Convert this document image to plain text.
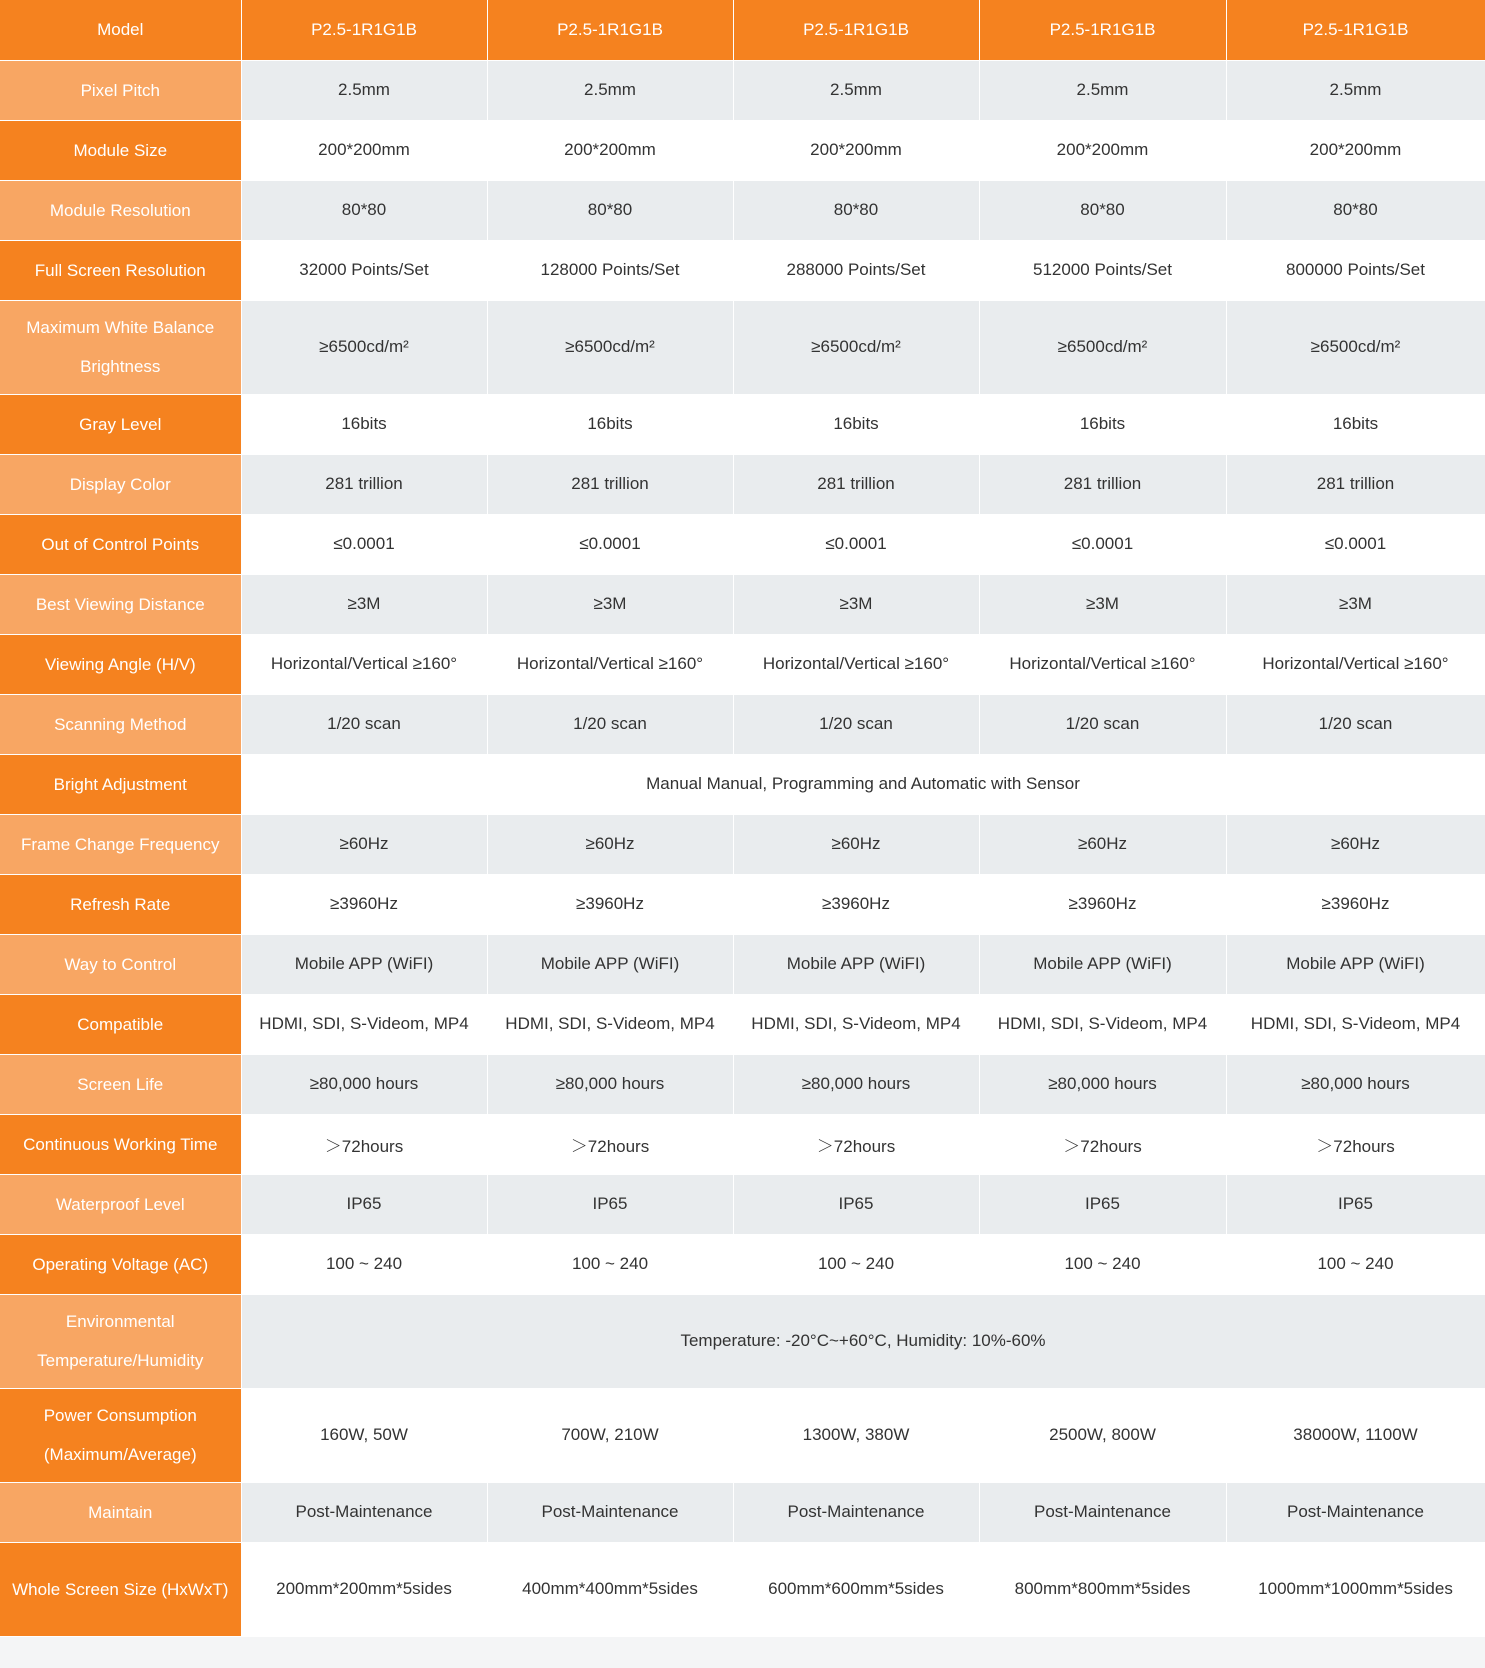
Model	P2.5-1R1G1B	P2.5-1R1G1B	P2.5-1R1G1B	P2.5-1R1G1B	P2.5-1R1G1B
Pixel Pitch	2.5mm	2.5mm	2.5mm	2.5mm	2.5mm
Module Size	200*200mm	200*200mm	200*200mm	200*200mm	200*200mm
Module Resolution	80*80	80*80	80*80	80*80	80*80
Full Screen Resolution	32000 Points/Set	128000 Points/Set	288000 Points/Set	512000 Points/Set	800000 Points/Set
Maximum White Balance Brightness	≥6500cd/m²	≥6500cd/m²	≥6500cd/m²	≥6500cd/m²	≥6500cd/m²
Gray Level	16bits	16bits	16bits	16bits	16bits
Display Color	281 trillion	281 trillion	281 trillion	281 trillion	281 trillion
Out of Control Points	≤0.0001	≤0.0001	≤0.0001	≤0.0001	≤0.0001
Best Viewing Distance	≥3M	≥3M	≥3M	≥3M	≥3M
Viewing Angle (H/V)	Horizontal/Vertical ≥160°	Horizontal/Vertical ≥160°	Horizontal/Vertical ≥160°	Horizontal/Vertical ≥160°	Horizontal/Vertical ≥160°
Scanning Method	1/20 scan	1/20 scan	1/20 scan	1/20 scan	1/20 scan
Bright Adjustment	Manual Manual, Programming and Automatic with Sensor				
Frame Change Frequency	≥60Hz	≥60Hz	≥60Hz	≥60Hz	≥60Hz
Refresh Rate	≥3960Hz	≥3960Hz	≥3960Hz	≥3960Hz	≥3960Hz
Way to Control	Mobile APP (WiFI)	Mobile APP (WiFI)	Mobile APP (WiFI)	Mobile APP (WiFI)	Mobile APP (WiFI)
Compatible	HDMI, SDI, S-Videom, MP4	HDMI, SDI, S-Videom, MP4	HDMI, SDI, S-Videom, MP4	HDMI, SDI, S-Videom, MP4	HDMI, SDI, S-Videom, MP4
Screen Life	≥80,000 hours	≥80,000 hours	≥80,000 hours	≥80,000 hours	≥80,000 hours
Continuous Working Time	＞72hours	＞72hours	＞72hours	＞72hours	＞72hours
Waterproof Level	IP65	IP65	IP65	IP65	IP65
Operating Voltage (AC)	100 ~ 240	100 ~ 240	100 ~ 240	100 ~ 240	100 ~ 240
Environmental Temperature/Humidity	Temperature: -20°C~+60°C, Humidity: 10%-60%				
Power Consumption (Maximum/Average)	160W, 50W	700W, 210W	1300W, 380W	2500W, 800W	38000W, 1100W
Maintain	Post-Maintenance	Post-Maintenance	Post-Maintenance	Post-Maintenance	Post-Maintenance
Whole Screen Size (HxWxT)	200mm*200mm*5sides	400mm*400mm*5sides	600mm*600mm*5sides	800mm*800mm*5sides	1000mm*1000mm*5sides
